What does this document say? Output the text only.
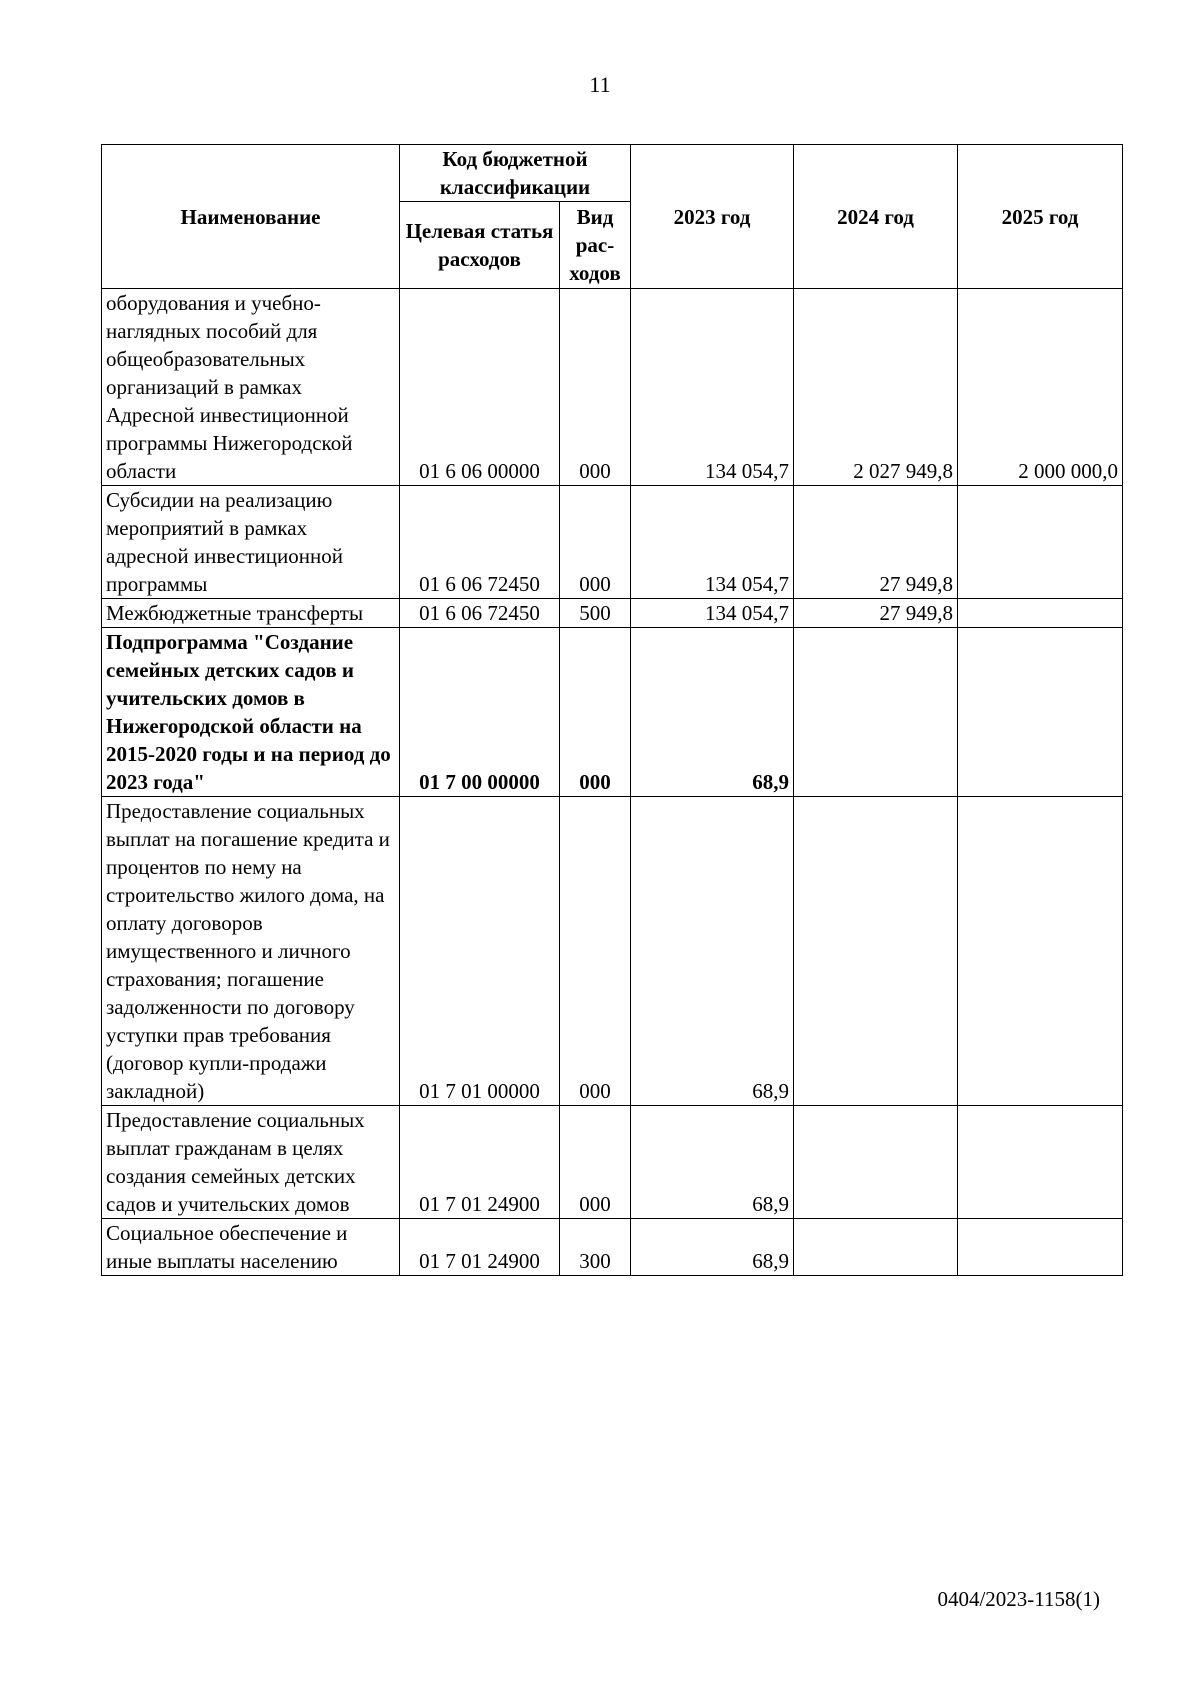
11
Наименование	Код бюджетной классификации		2023 год	2024 год	2025 год
	Целевая статья расходов	Вид рас-ходов			
оборудования и учебно-наглядных пособий для общеобразовательных организаций в рамках Адресной инвестиционной программы Нижегородской области	01 6 06 00000	000	134 054,7	2 027 949,8	2 000 000,0
Субсидии на реализацию мероприятий в рамках адресной инвестиционной программы	01 6 06 72450	000	134 054,7	27 949,8	
Межбюджетные трансферты	01 6 06 72450	500	134 054,7	27 949,8	
Подпрограмма "Создание семейных детских садов и учительских домов в Нижегородской области на 2015-2020 годы и на период до 2023 года"	01 7 00 00000	000	68,9		
Предоставление социальных выплат на погашение кредита и процентов по нему на строительство жилого дома, на оплату договоров имущественного и личного страхования; погашение задолженности по договору уступки прав требования (договор купли-продажи закладной)	01 7 01 00000	000	68,9		
Предоставление социальных выплат гражданам в целях создания семейных детских садов и учительских домов	01 7 01 24900	000	68,9		
Социальное обеспечение и иные выплаты населению	01 7 01 24900	300	68,9		
0404/2023-1158(1)
